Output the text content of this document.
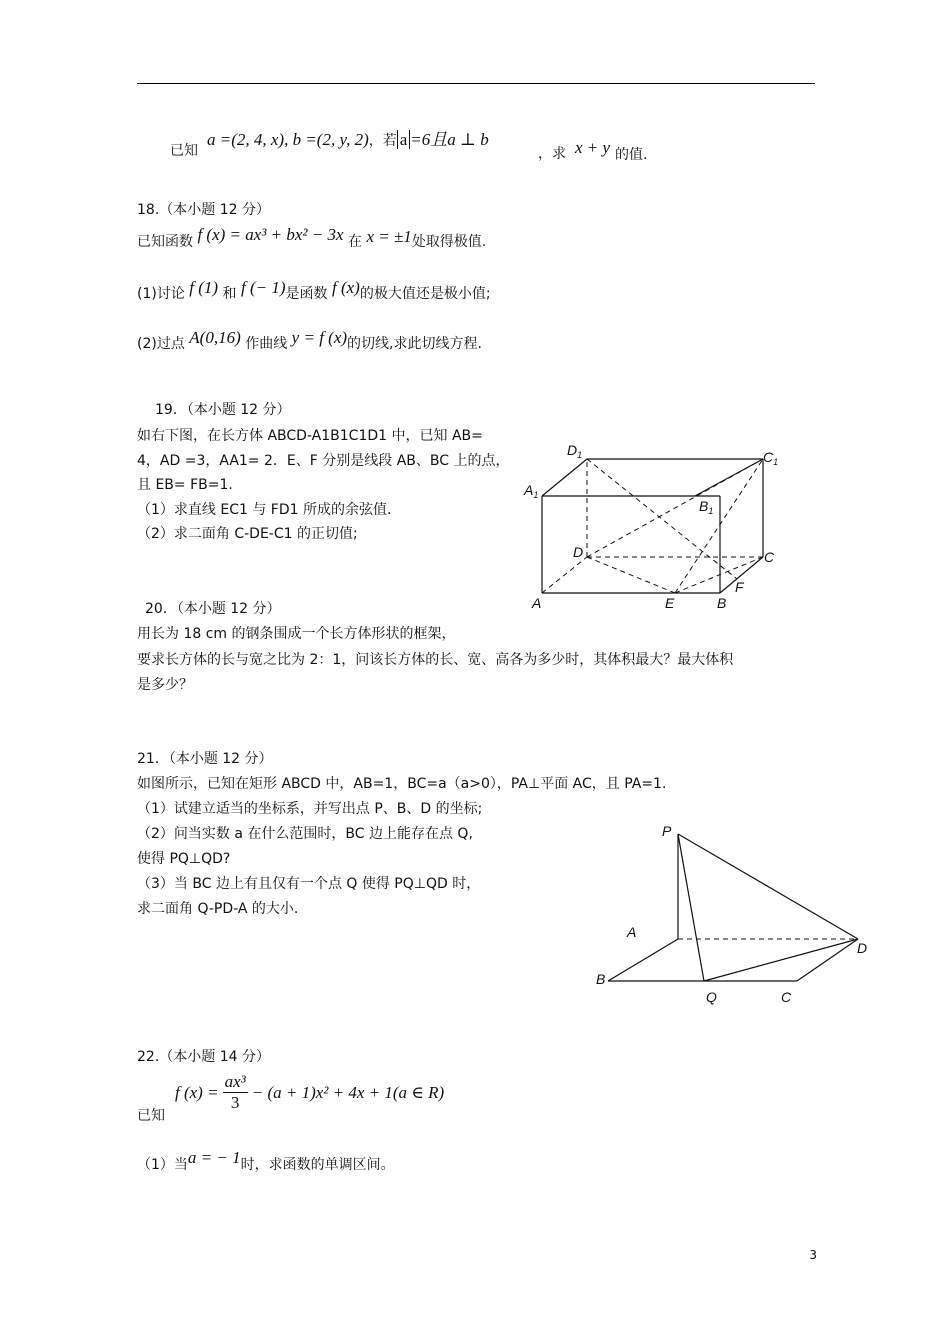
已知
a =(2, 4, x), b =(2, y, 2)，若 a =6且a ⊥ b
，求 x + y 的值.
18.（本小题 12 分）
已知函数 f (x) = ax³ + bx² − 3x 在 x = ±1处取得极值.
(1)讨论 f (1) 和 f (− 1)是函数 f (x)的极大值还是极小值;
(2)过点 A(0,16) 作曲线 y = f (x)的切线,求此切线方程.
19．（本小题 12 分）
如右下图，在长方体 ABCD-A1B1C1D1 中，已知 AB=
4，AD =3，AA1= 2．E、F 分别是线段 AB、BC 上的点，
且 EB= FB=1.
（1）求直线 EC1 与 FD1 所成的余弦值.
（2）求二面角 C-DE-C1 的正切值;
$D_1$	$C_1$
$A_1$
$B_1$
D	C
F
A	E	B
20．（本小题 12 分）
用长为 18 cm 的钢条围成一个长方体形状的框架，
要求长方体的长与宽之比为 2：1，问该长方体的长、宽、高各为多少时，其体积最大？最大体积
是多少？
21．（本小题 12 分）
如图所示，已知在矩形 ABCD 中，AB=1，BC=a（a>0），PA⊥平面 AC，且 PA=1.
（1）试建立适当的坐标系，并写出点 P、B、D 的坐标;
（2）问当实数 a 在什么范围时，BC 边上能存在点 Q,
使得 PQ⊥QD?
（3）当 BC 边上有且仅有一个点 Q 使得 PQ⊥QD 时，
求二面角 Q-PD-A 的大小.
P
A
D
B
Q	C
22.（本小题 14 分）
已知
f $(x) = \frac{\text{ax³}}{3} - (a + 1)x^2 + 4x + 1(a$ ∈ R)
（1）当a = − 1时，求函数的单调区间。
3
